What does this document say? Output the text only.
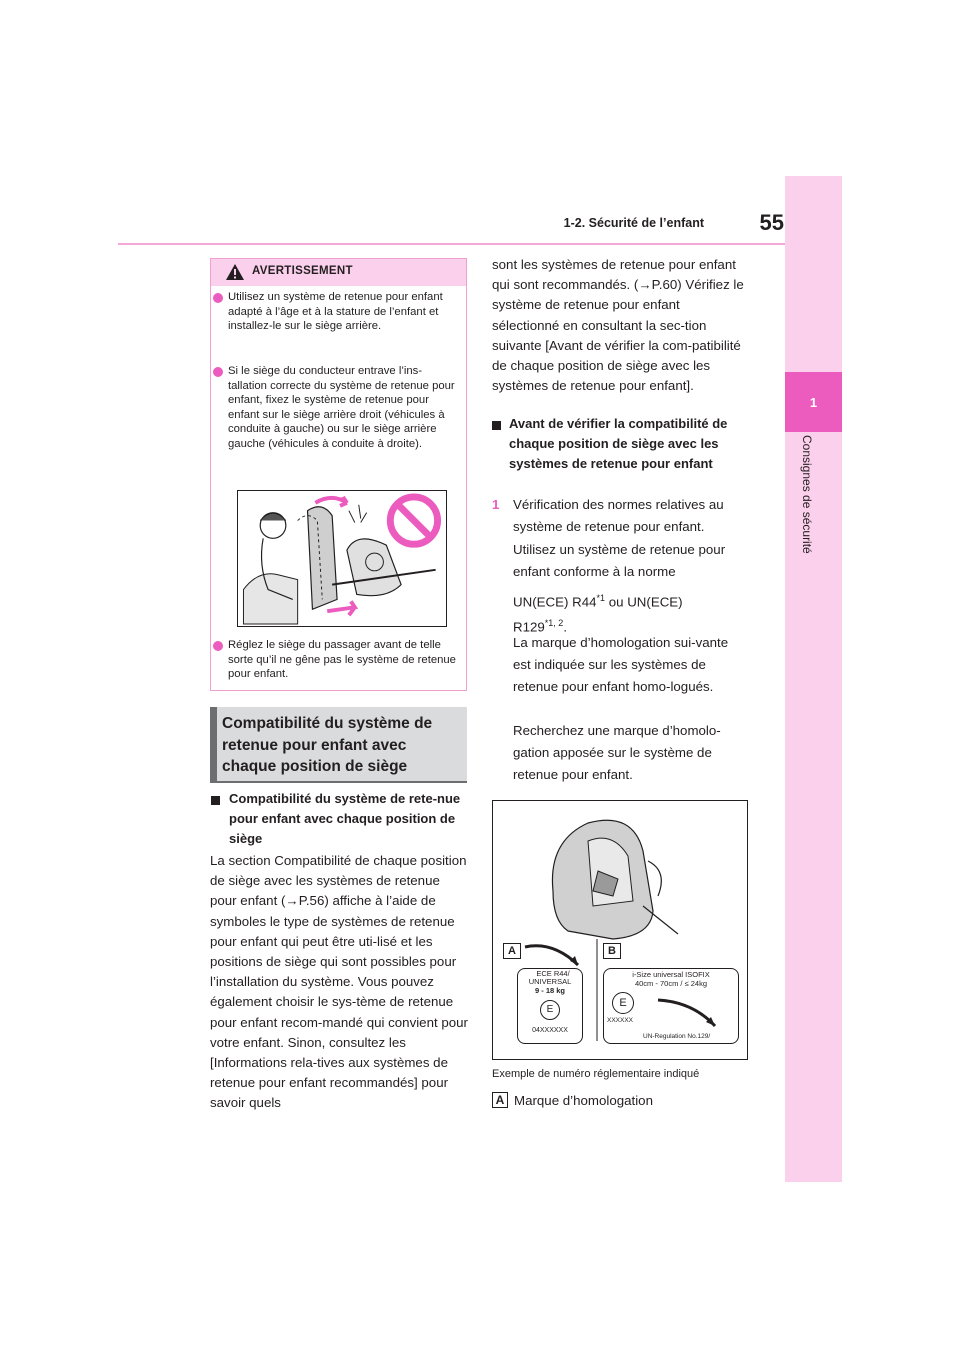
1-2. Sécurité de l’enfant	55
1
Consignes de sécurité
AVERTISSEMENT
Utilisez un système de retenue pour enfant adapté à l’âge et à la stature de l’enfant et installez-le sur le siège arrière.
Si le siège du conducteur entrave l’ins-tallation correcte du système de retenue pour enfant, fixez le système de retenue pour enfant sur le siège arrière droit (véhicules à conduite à gauche) ou sur le siège arrière gauche (véhicules à conduite à droite).
Réglez le siège du passager avant de telle sorte qu’il ne gêne pas le système de retenue pour enfant.
Compatibilité du système de retenue pour enfant avec chaque position de siège
Compatibilité du système de rete-nue pour enfant avec chaque position de siège
La section Compatibilité de chaque position de siège avec les systèmes de retenue pour enfant (→P.56) affiche à l’aide de symboles le type de systèmes de retenue pour enfant qui peut être uti-lisé et les positions de siège qui sont possibles pour l’installation du système. Vous pouvez également choisir le sys-tème de retenue pour enfant recom-mandé qui convient pour votre enfant. Sinon, consultez les [Informations rela-tives aux systèmes de retenue pour enfant recommandés] pour savoir quels
sont les systèmes de retenue pour enfant qui sont recommandés. (→P.60) Vérifiez le système de retenue pour enfant sélectionné en consultant la sec-tion suivante [Avant de vérifier la com-patibilité de chaque position de siège avec les systèmes de retenue pour enfant].
Avant de vérifier la compatibilité de chaque position de siège avec les systèmes de retenue pour enfant
1 Vérification des normes relatives au système de retenue pour enfant.
Utilisez un système de retenue pour enfant conforme à la norme
UN(ECE) R44$^{*1}$ ou UN(ECE)
R129$^{*1, 2}$.
La marque d’homologation sui-vante est indiquée sur les systèmes de retenue pour enfant homo-logués.
Recherchez une marque d’homolo-gation apposée sur le système de retenue pour enfant.
A
ECE R44/
UNIVERSAL
9 - 18 kg
E
04XXXXXX
B
i-Size universal ISOFIX
40cm - 70cm / ≤ 24kg
E
XXXXXX
UN-Regulation No.129/
Exemple de numéro réglementaire indiqué
A Marque d’homologation
